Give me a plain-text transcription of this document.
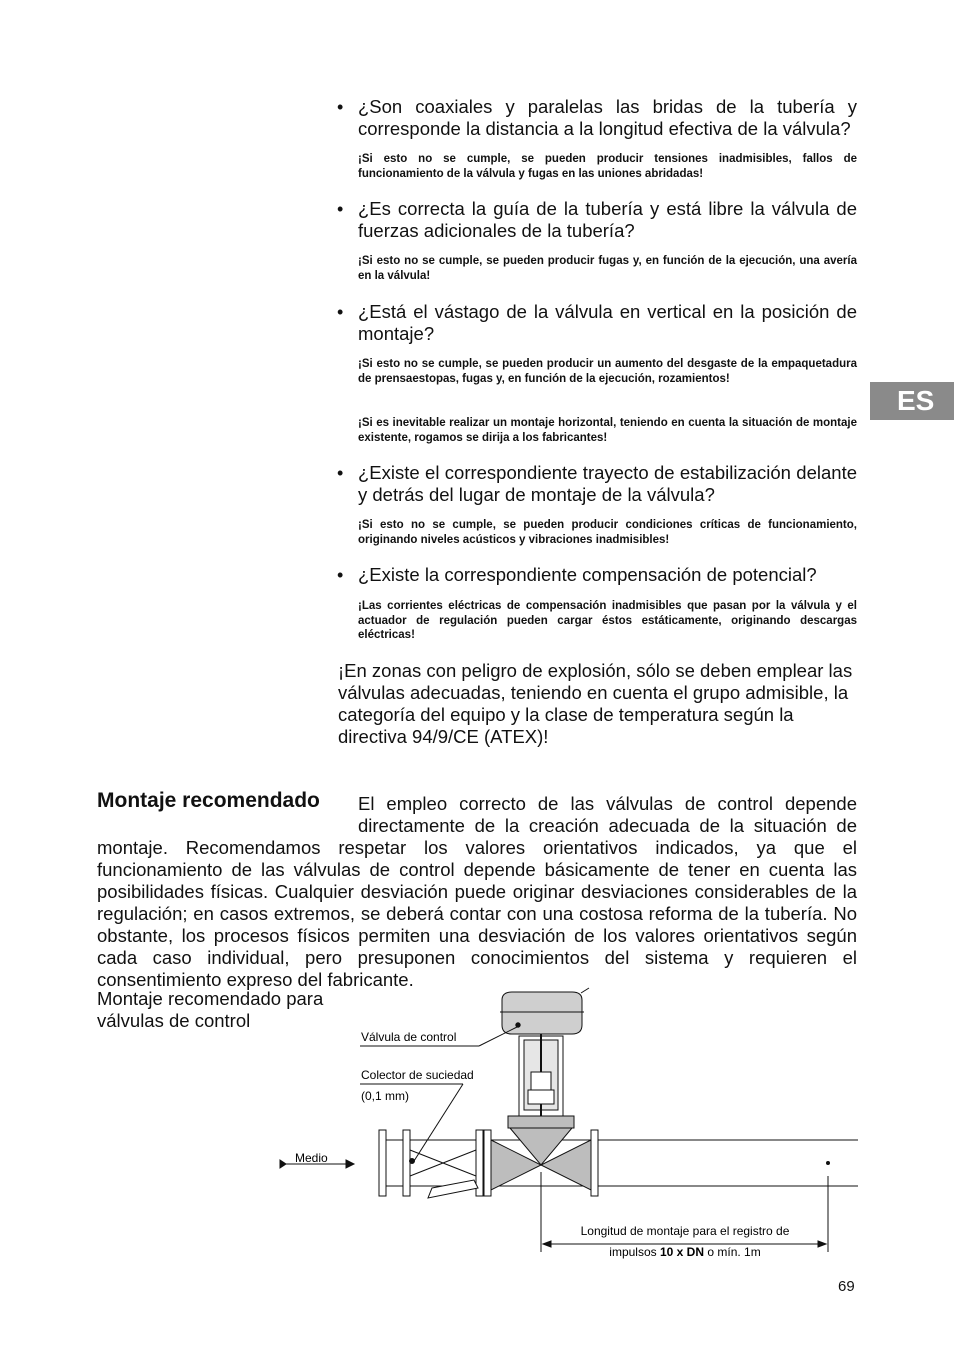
• ¿Son coaxiales y paralelas las bridas de la tubería y corresponde la distancia a la longitud efectiva de la válvula?
¡Si esto no se cumple, se pueden producir tensiones inadmisibles, fallos de funcionamiento de la válvula y fugas en las uniones abridadas!
• ¿Es correcta la guía de la tubería y está libre la válvula de fuerzas adicionales de la tubería?
¡Si esto no se cumple, se pueden producir fugas y, en función de la ejecución, una avería en la válvula!
• ¿Está el vástago de la válvula en vertical en la posición de montaje?
¡Si esto no se cumple, se pueden producir un aumento del desgaste de la empaquetadura de prensaestopas, fugas y, en función de la ejecución, rozamientos!
¡Si es inevitable realizar un montaje horizontal, teniendo en cuenta la situación de montaje existente, rogamos se dirija a los fabricantes!
• ¿Existe el correspondiente trayecto de estabilización delante y detrás del lugar de montaje de la válvula?
¡Si esto no se cumple, se pueden producir condiciones críticas de funcionamiento, originando niveles acústicos y vibraciones inadmisibles!
• ¿Existe la correspondiente compensación de potencial?
¡Las corrientes eléctricas de compensación inadmisibles que pasan por la válvula y el actuador de regulación pueden cargar éstos estáticamente, originando descargas eléctricas!
¡En zonas con peligro de explosión, sólo se deben emplear las válvulas adecuadas, teniendo en cuenta el grupo admisible, la categoría del equipo y la clase de temperatura según la directiva 94/9/CE (ATEX)!
ES
Montaje recomendado El empleo correcto de las válvulas de control depende directamente de la creación adecuada de la situación de
montaje. Recomendamos respetar los valores orientativos indicados, ya que el funcionamiento de las válvulas de control depende básicamente de tener en cuenta las posibilidades físicas. Cualquier desviación puede originar desviaciones considerables de la regulación; en casos extremos, se deberá contar con una costosa reforma de la tubería. No obstante, los procesos físicos permiten una desviación de los valores orientativos según cada caso individual, pero presuponen conocimientos del sistema y requieren el consentimiento expreso del fabricante.
Montaje recomendado para válvulas de control
Válvula de control
Colector de suciedad
(0,1 mm)
Medio
Longitud de montaje para el registro de
impulsos 10 x DN o mín. 1m
69
